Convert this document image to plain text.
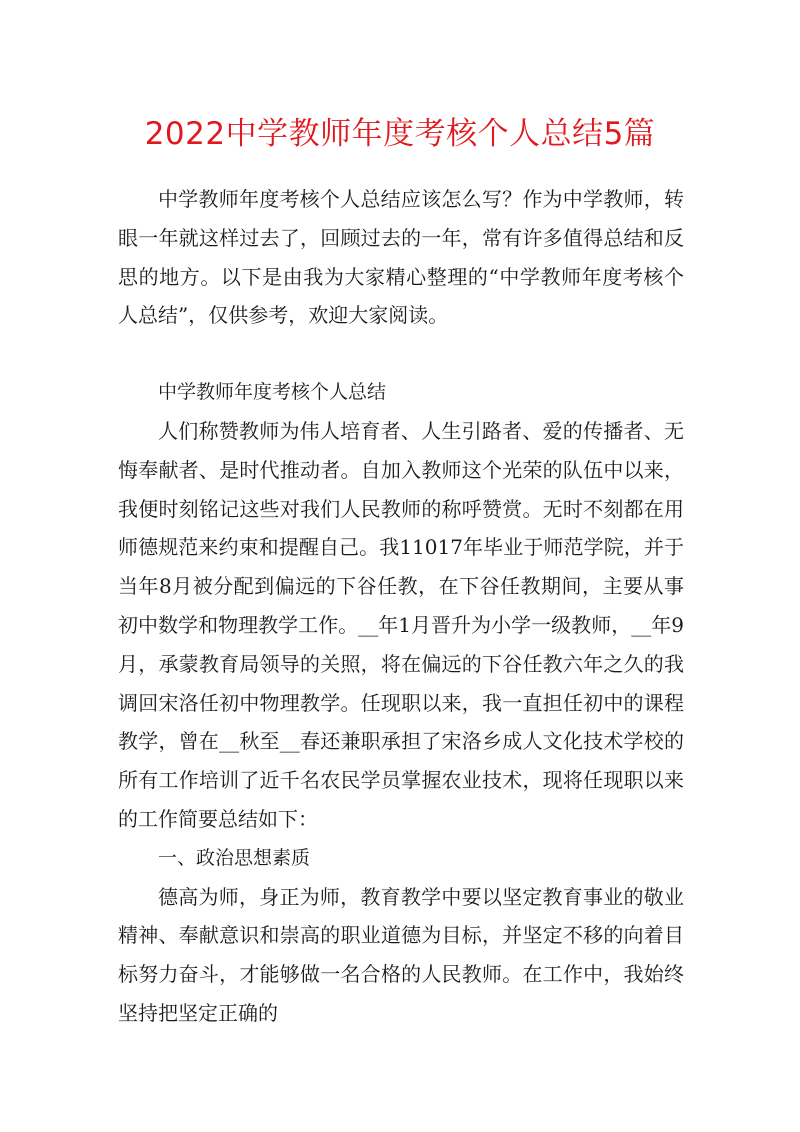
2022中学教师年度考核个人总结5篇

中学教师年度考核个人总结应该怎么写？作为中学教师，转眼一年就这样过去了，回顾过去的一年，常有许多值得总结和反思的地方。以下是由我为大家精心整理的“中学教师年度考核个人总结”，仅供参考，欢迎大家阅读。

中学教师年度考核个人总结

人们称赞教师为伟人培育者、人生引路者、爱的传播者、无悔奉献者、是时代推动者。自加入教师这个光荣的队伍中以来，我便时刻铭记这些对我们人民教师的称呼赞赏。无时不刻都在用师德规范来约束和提醒自己。我11017年毕业于师范学院，并于当年8月被分配到偏远的下谷任教，在下谷任教期间，主要从事初中数学和物理教学工作。__年1月晋升为小学一级教师，__年9月，承蒙教育局领导的关照，将在偏远的下谷任教六年之久的我调回宋洛任初中物理教学。任现职以来，我一直担任初中的课程教学，曾在__秋至__春还兼职承担了宋洛乡成人文化技术学校的所有工作培训了近千名农民学员掌握农业技术，现将任现职以来的工作简要总结如下：

一、政治思想素质

德高为师，身正为师，教育教学中要以坚定教育事业的敬业精神、奉献意识和崇高的职业道德为目标，并坚定不移的向着目标努力奋斗，才能够做一名合格的人民教师。在工作中，我始终坚持把坚定正确的
